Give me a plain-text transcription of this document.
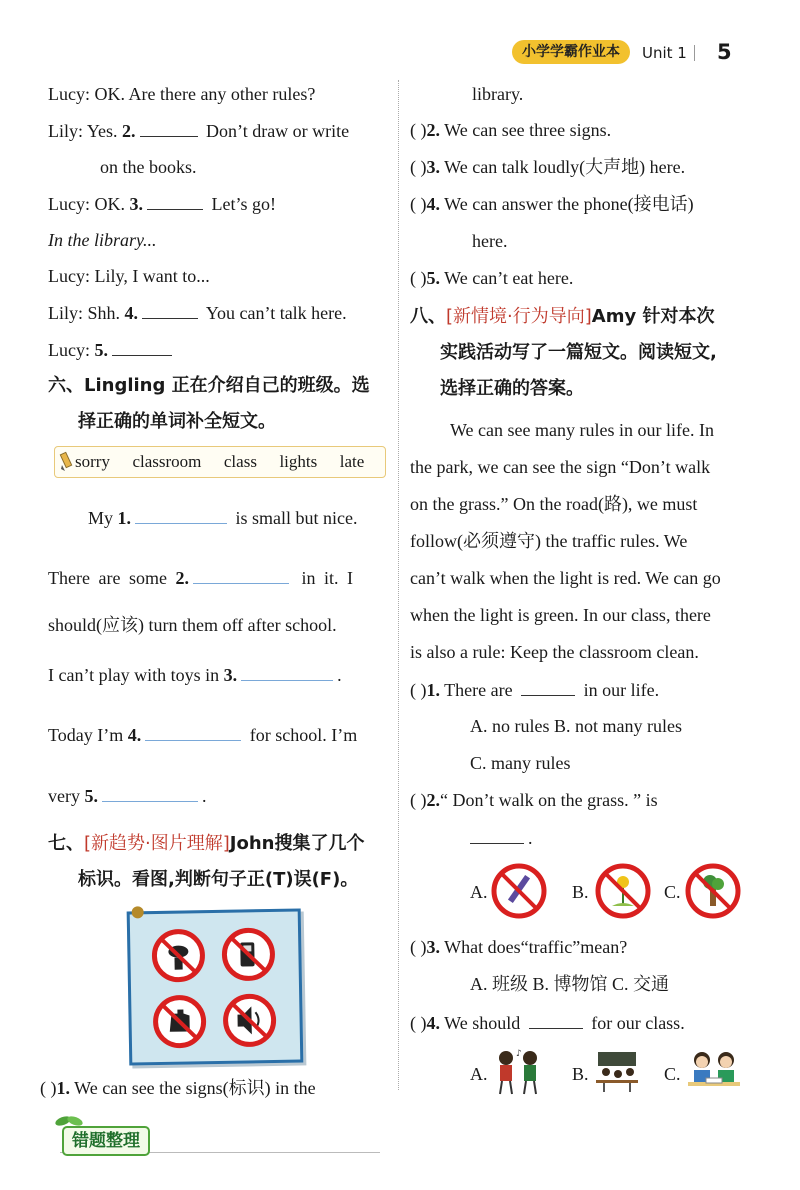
小学学霸作业本	Unit 1 5
Lucy: OK. Are there any other rules?
Lily: Yes. 2.	Don’t draw or write
on the books.
Lucy: OK. 3.	Let’s go!
In the library...
Lucy: Lily, I want to...
Lily: Shh. 4.	You can’t talk here.
Lucy: 5.
六、Lingling 正在介绍自己的班级。选
择正确的单词补全短文。
sorry classroom class lights late
My 1.	is small but nice.
There are some 2.	in it. I
should(应该) turn them off after school.
I can’t play with toys in 3.	.
Today I’m 4.	for school. I’m
very 5.	.
七、[新趋势·图片理解]John搜集了几个
标识。看图,判断句子正(T)误(F)。
( )1. We can see the signs(标识) in the
错题整理
library.
( )2. We can see three signs.
( )3. We can talk loudly(大声地) here.
( )4. We can answer the phone(接电话)
here.
( )5. We can’t eat here.
八、[新情境·行为导向]Amy 针对本次
实践活动写了一篇短文。阅读短文,
选择正确的答案。
We can see many rules in our life. In
the park, we can see the sign “Don’t walk
on the grass.” On the road(路), we must
follow(必须遵守) the traffic rules. We
can’t walk when the light is red. We can go
when the light is green. In our class, there
is also a rule: Keep the classroom clean.
( )1. There are	in our life.
A. no rules B. not many rules
C. many rules
( )2.“ Don’t walk on the grass. ” is
.
A.	B.	C.
( )3. What does“traffic”mean?
A. 班级 B. 博物馆 C. 交通
( )4. We should	for our class.
A.
♪
B.	C.
